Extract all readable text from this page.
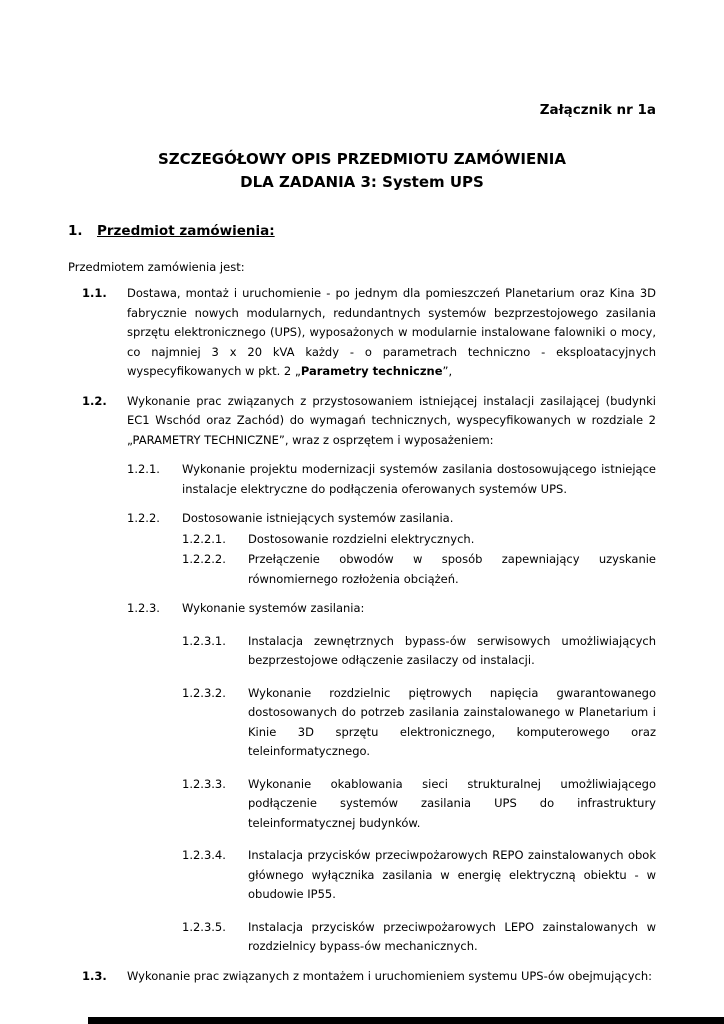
Załącznik nr 1a
SZCZEGÓŁOWY OPIS PRZEDMIOTU ZAMÓWIENIA
DLA ZADANIA 3: System UPS
1. Przedmiot zamówienia:

Przedmiotem zamówienia jest:

1.1.	Dostawa, montaż i uruchomienie - po jednym dla pomieszczeń Planetarium oraz Kina 3D fabrycznie nowych modularnych, redundantnych systemów bezprzestojowego zasilania sprzętu elektronicznego (UPS), wyposażonych w modularnie instalowane falowniki o mocy, co najmniej 3 x 20 kVA każdy - o parametrach techniczno - eksploatacyjnych wyspecyfikowanych w pkt. 2 „Parametry techniczne”,
1.2.	Wykonanie prac związanych z przystosowaniem istniejącej instalacji zasilającej (budynki EC1 Wschód oraz Zachód) do wymagań technicznych, wyspecyfikowanych w rozdziale 2 „PARAMETRY TECHNICZNE”, wraz z osprzętem i wyposażeniem:
1.2.1.	Wykonanie projektu modernizacji systemów zasilania dostosowującego istniejące instalacje elektryczne do podłączenia oferowanych systemów UPS.
1.2.2.	Dostosowanie istniejących systemów zasilania.
1.2.2.1.	Dostosowanie rozdzielni elektrycznych.
1.2.2.2.	Przełączenie obwodów w sposób zapewniający uzyskanie równomiernego rozłożenia obciążeń.
1.2.3.	Wykonanie systemów zasilania:
1.2.3.1.	Instalacja zewnętrznych bypass-ów serwisowych umożliwiających bezprzestojowe odłączenie zasilaczy od instalacji.
1.2.3.2.	Wykonanie rozdzielnic piętrowych napięcia gwarantowanego dostosowanych do potrzeb zasilania zainstalowanego w Planetarium i Kinie 3D sprzętu elektronicznego, komputerowego oraz teleinformatycznego.
1.2.3.3.	Wykonanie okablowania sieci strukturalnej umożliwiającego podłączenie systemów zasilania UPS do infrastruktury teleinformatycznej budynków.
1.2.3.4.	Instalacja przycisków przeciwpożarowych REPO zainstalowanych obok głównego wyłącznika zasilania w energię elektryczną obiektu - w obudowie IP55.
1.2.3.5.	Instalacja przycisków przeciwpożarowych LEPO zainstalowanych w rozdzielnicy bypass-ów mechanicznych.
1.3.	Wykonanie prac związanych z montażem i uruchomieniem systemu UPS-ów obejmujących:
